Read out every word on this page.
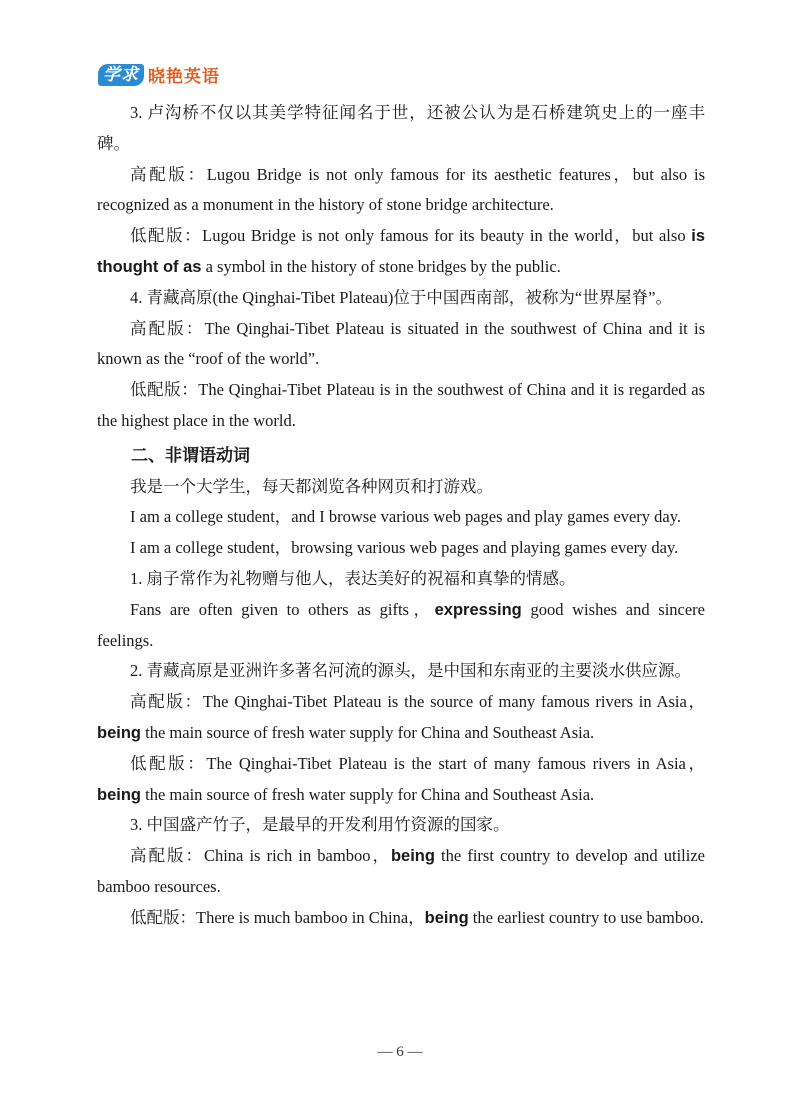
学求 晓艳英语

3. 卢沟桥不仅以其美学特征闻名于世，还被公认为是石桥建筑史上的一座丰碑。

高配版：Lugou Bridge is not only famous for its aesthetic features，but also is recognized as a monument in the history of stone bridge architecture.

低配版：Lugou Bridge is not only famous for its beauty in the world，but also is thought of as a symbol in the history of stone bridges by the public.

4. 青藏高原(the Qinghai-Tibet Plateau)位于中国西南部，被称为“世界屋脊”。

高配版：The Qinghai-Tibet Plateau is situated in the southwest of China and it is known as the “roof of the world”.

低配版：The Qinghai-Tibet Plateau is in the southwest of China and it is regarded as the highest place in the world.

二、非谓语动词

我是一个大学生，每天都浏览各种网页和打游戏。

I am a college student，and I browse various web pages and play games every day.

I am a college student，browsing various web pages and playing games every day.

1. 扇子常作为礼物赠与他人，表达美好的祝福和真挚的情感。

Fans are often given to others as gifts，expressing good wishes and sincere feelings.

2. 青藏高原是亚洲许多著名河流的源头，是中国和东南亚的主要淡水供应源。

高配版：The Qinghai-Tibet Plateau is the source of many famous rivers in Asia，being the main source of fresh water supply for China and Southeast Asia.

低配版：The Qinghai-Tibet Plateau is the start of many famous rivers in Asia，being the main source of fresh water supply for China and Southeast Asia.

3. 中国盛产竹子，是最早的开发利用竹资源的国家。

高配版：China is rich in bamboo，being the first country to develop and utilize bamboo resources.

低配版：There is much bamboo in China，being the earliest country to use bamboo.

— 6 —
